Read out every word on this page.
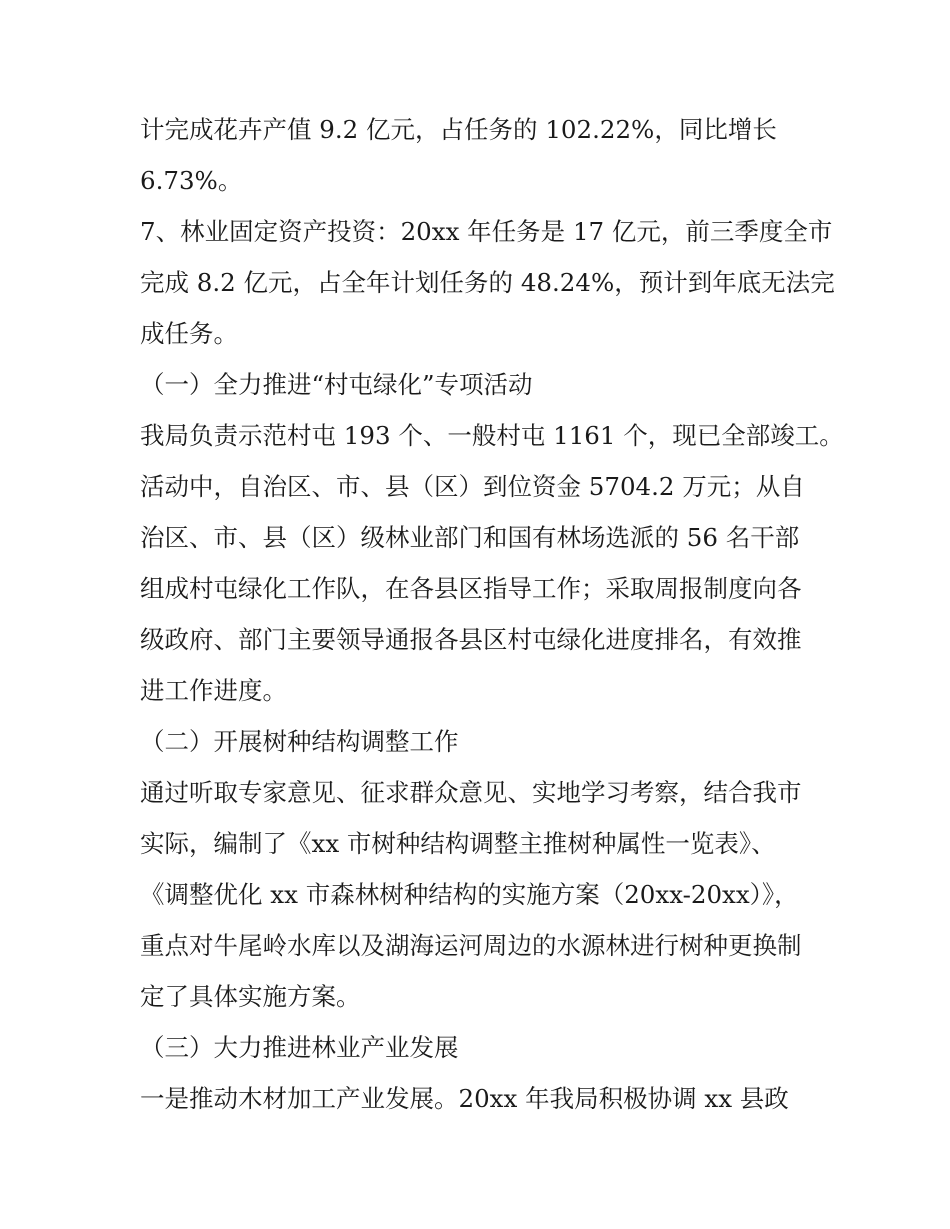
计完成花卉产值 9.2 亿元，占任务的 102.22%，同比增长

6.73%。

7、林业固定资产投资：20xx 年任务是 17 亿元，前三季度全市

完成 8.2 亿元，占全年计划任务的 48.24%，预计到年底无法完

成任务。

（一）全力推进“村屯绿化”专项活动

我局负责示范村屯 193 个、一般村屯 1161 个，现已全部竣工。

活动中，自治区、市、县（区）到位资金 5704.2 万元；从自

治区、市、县（区）级林业部门和国有林场选派的 56 名干部

组成村屯绿化工作队，在各县区指导工作；采取周报制度向各

级政府、部门主要领导通报各县区村屯绿化进度排名，有效推

进工作进度。

（二）开展树种结构调整工作

通过听取专家意见、征求群众意见、实地学习考察，结合我市

实际，编制了《xx 市树种结构调整主推树种属性一览表》、

《调整优化 xx 市森林树种结构的实施方案（20xx-20xx）》，

重点对牛尾岭水库以及湖海运河周边的水源林进行树种更换制

定了具体实施方案。

（三）大力推进林业产业发展

一是推动木材加工产业发展。20xx 年我局积极协调 xx 县政
